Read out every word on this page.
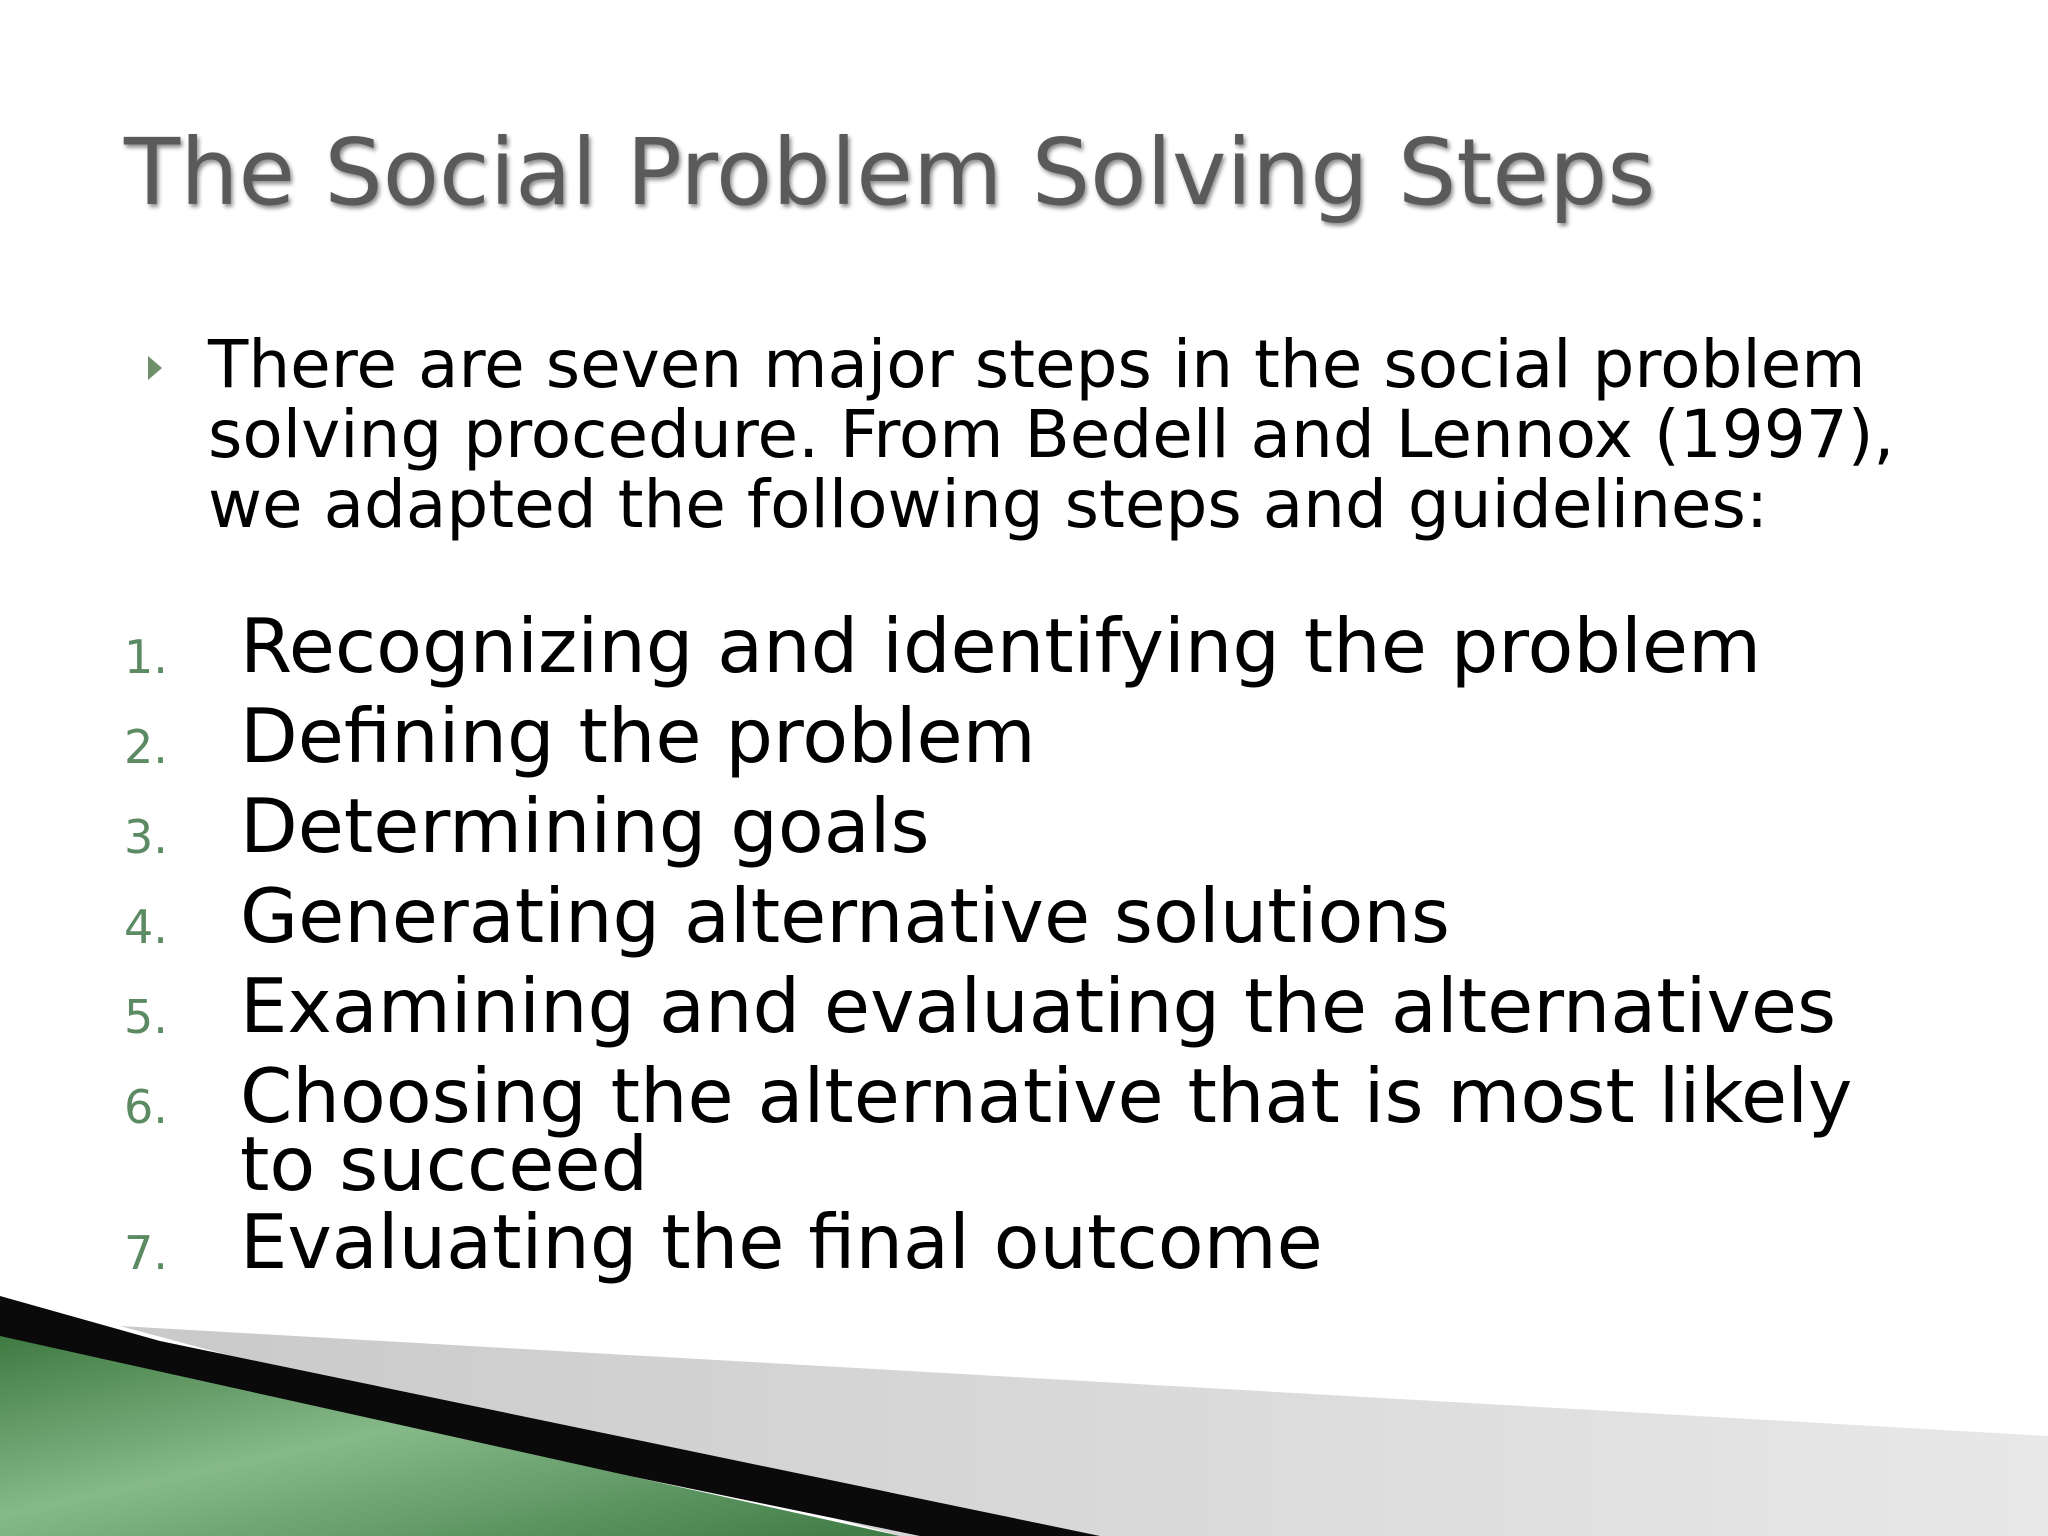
The Social Problem Solving Steps
There are seven major steps in the social problem solving procedure. From Bedell and Lennox (1997), we adapted the following steps and guidelines:
1. Recognizing and identifying the problem
2. Defining the problem
3. Determining goals
4. Generating alternative solutions
5. Examining and evaluating the alternatives
6. Choosing the alternative that is most likely to succeed
7. Evaluating the final outcome
